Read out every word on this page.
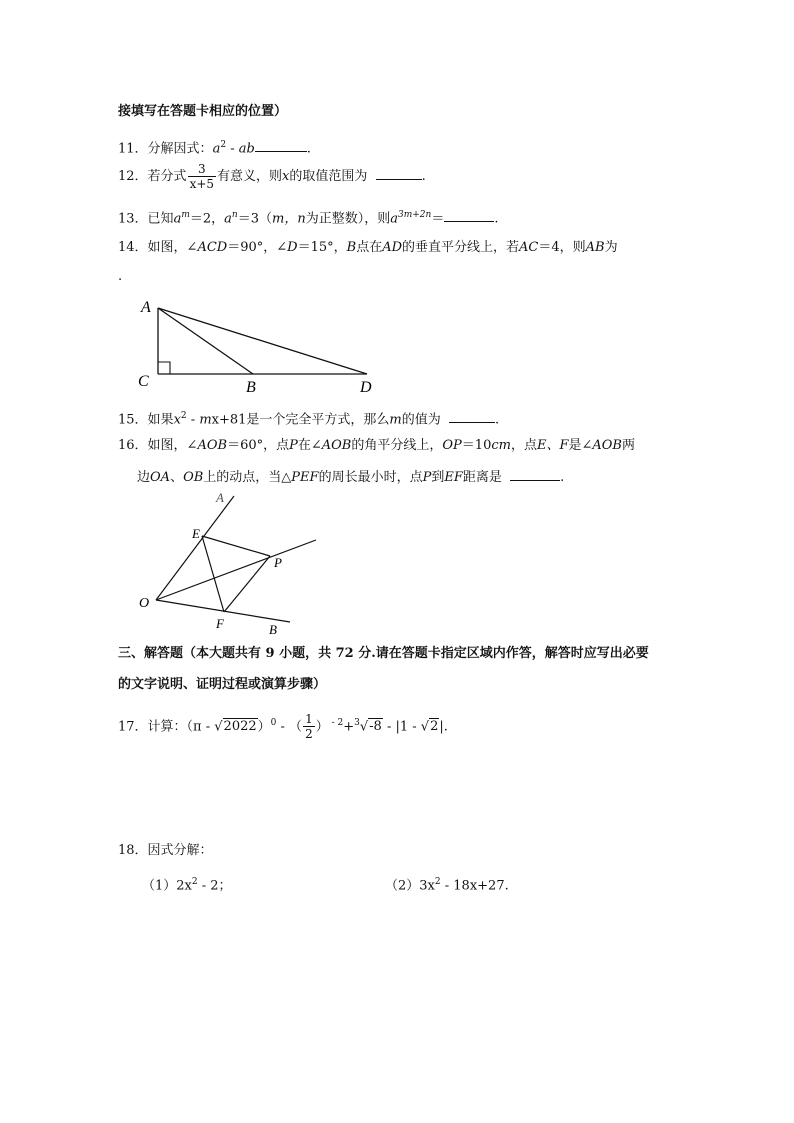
接填写在答题卡相应的位置）
11．分解因式：$a^2$ - ab	.
12．若分式 $\frac{3}{x+5}$ 有意义，则x的取值范围为	.
13．已知$a^m=2$，$a^n=3(m$，n为正整数），则$a^{3m+2n}=$	.
14．如图，∠ACD＝90°，∠D＝15°，B点在AD的垂直平分线上，若AC＝4，则AB为
.
A
C	B	D
15．如果$x^2 - mx+81$是一个完全平方式，那么m的值为	.
16．如图，∠AOB＝60°，点P在∠AOB的角平分线上，OP＝10cm，点E、F是∠AOB两
边OA、OB上的动点，当△PEF的周长最小时，点P到EF距离是	.
A
E
P
O
F	B
三、解答题（本大题共有 9 小题，共 72 分.请在答题卡指定区域内作答，解答时应写出必要
的文字说明、证明过程或演算步骤）
17．计算：（π - √2022）$^0$ - （ $\frac{1}{2}$ ） $^{- 2}$+$^3$√-8 - |1 - √2|.
18．因式分解：
$(1)2x^2 - 2$；	$(2)3x^2 - 18x+27$.
